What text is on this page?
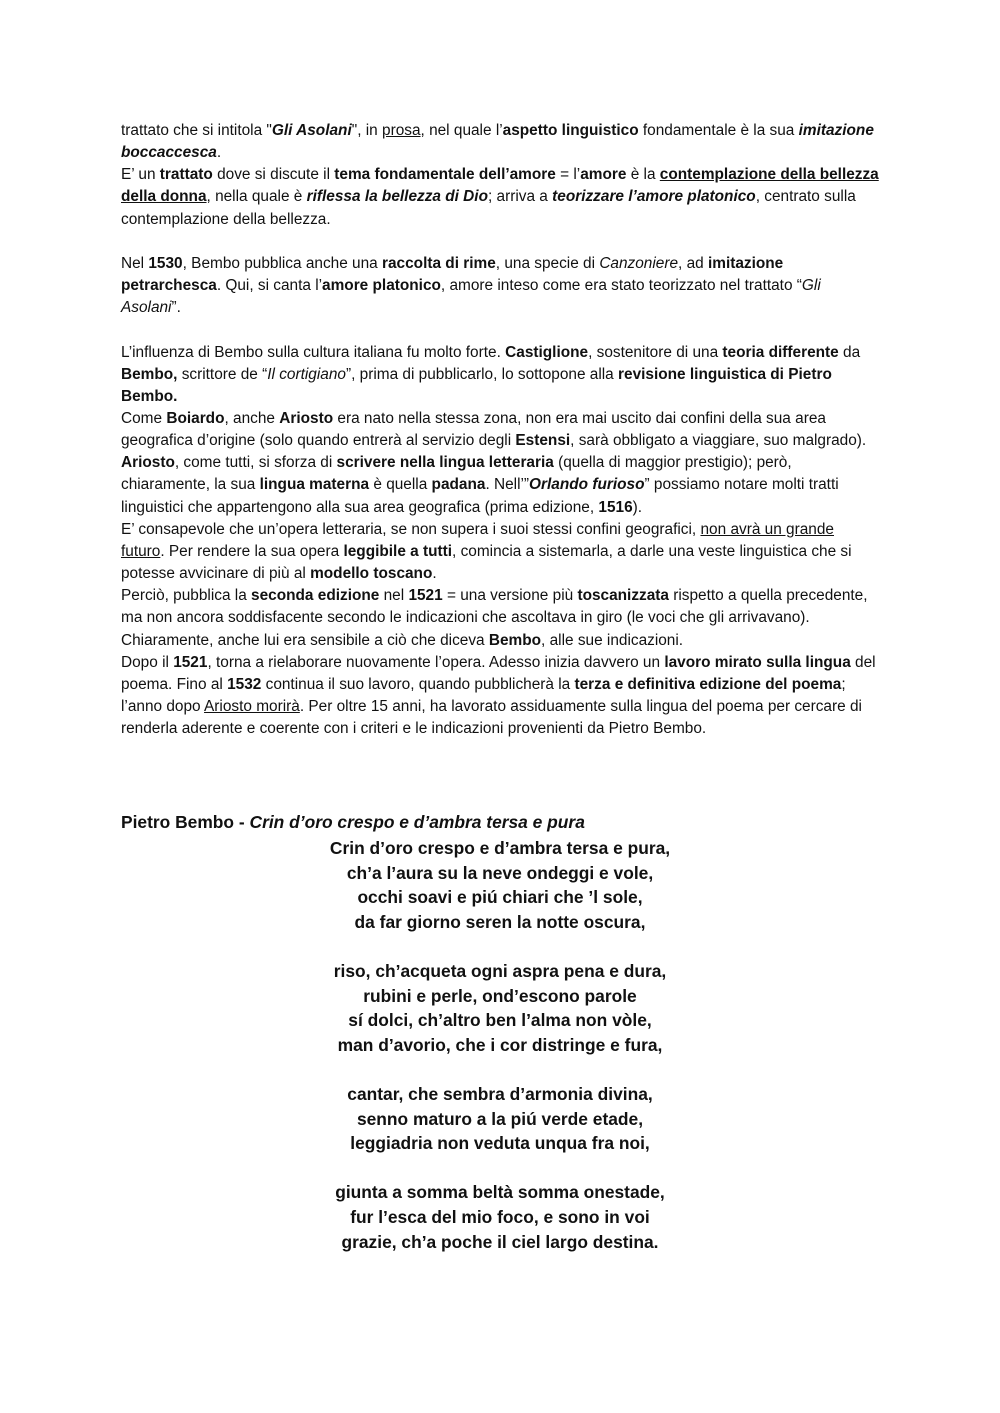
trattato che si intitola "Gli Asolani", in prosa, nel quale l’aspetto linguistico fondamentale è la sua imitazione boccaccesca.

E’ un trattato dove si discute il tema fondamentale dell’amore = l’amore è la contemplazione della bellezza della donna, nella quale è riflessa la bellezza di Dio; arriva a teorizzare l’amore platonico, centrato sulla contemplazione della bellezza.

Nel 1530, Bembo pubblica anche una raccolta di rime, una specie di Canzoniere, ad imitazione petrarchesca. Qui, si canta l’amore platonico, amore inteso come era stato teorizzato nel trattato “Gli Asolani”.

L’influenza di Bembo sulla cultura italiana fu molto forte. Castiglione, sostenitore di una teoria differente da Bembo, scrittore de “Il cortigiano”, prima di pubblicarlo, lo sottopone alla revisione linguistica di Pietro Bembo.

Come Boiardo, anche Ariosto era nato nella stessa zona, non era mai uscito dai confini della sua area geografica d’origine (solo quando entrerà al servizio degli Estensi, sarà obbligato a viaggiare, suo malgrado).

Ariosto, come tutti, si sforza di scrivere nella lingua letteraria (quella di maggior prestigio); però, chiaramente, la sua lingua materna è quella padana. Nell’”Orlando furioso” possiamo notare molti tratti linguistici che appartengono alla sua area geografica (prima edizione, 1516).

E’ consapevole che un’opera letteraria, se non supera i suoi stessi confini geografici, non avrà un grande futuro. Per rendere la sua opera leggibile a tutti, comincia a sistemarla, a darle una veste linguistica che si potesse avvicinare di più al modello toscano.

Perciò, pubblica la seconda edizione nel 1521 = una versione più toscanizzata rispetto a quella precedente, ma non ancora soddisfacente secondo le indicazioni che ascoltava in giro (le voci che gli arrivavano). Chiaramente, anche lui era sensibile a ciò che diceva Bembo, alle sue indicazioni.

Dopo il 1521, torna a rielaborare nuovamente l’opera. Adesso inizia davvero un lavoro mirato sulla lingua del poema. Fino al 1532 continua il suo lavoro, quando pubblicherà la terza e definitiva edizione del poema; l’anno dopo Ariosto morirà. Per oltre 15 anni, ha lavorato assiduamente sulla lingua del poema per cercare di renderla aderente e coerente con i criteri e le indicazioni provenienti da Pietro Bembo.

Pietro Bembo - Crin d’oro crespo e d’ambra tersa e pura
Crin d’oro crespo e d’ambra tersa e pura,
ch’a l’aura su la neve ondeggi e vole,
occhi soavi e piú chiari che ’l sole,
da far giorno seren la notte oscura,
riso, ch’acqueta ogni aspra pena e dura,
rubini e perle, ond’escono parole
sí dolci, ch’altro ben l’alma non vòle,
man d’avorio, che i cor distringe e fura,
cantar, che sembra d’armonia divina,
senno maturo a la piú verde etade,
leggiadria non veduta unqua fra noi,
giunta a somma beltà somma onestade,
fur l’esca del mio foco, e sono in voi
grazie, ch’a poche il ciel largo destina.
